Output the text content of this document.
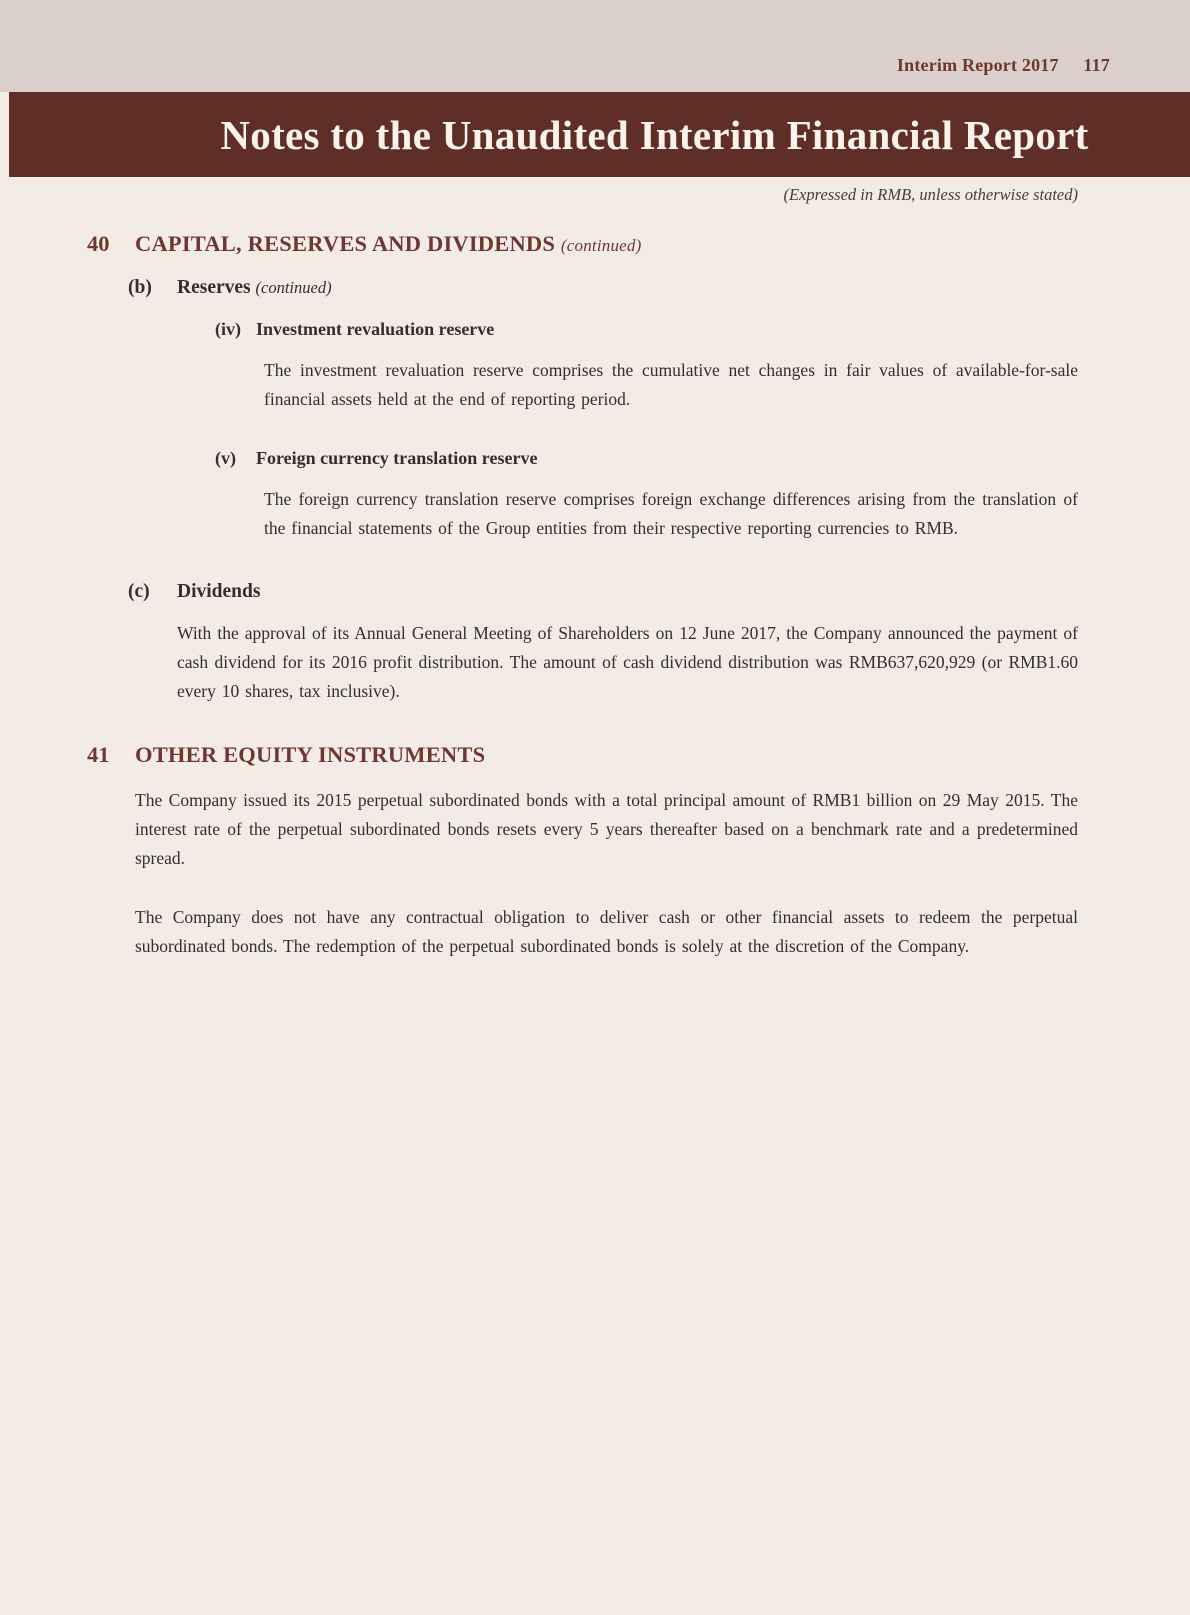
Interim Report 2017 117
Notes to the Unaudited Interim Financial Report
(Expressed in RMB, unless otherwise stated)
40	CAPITAL, RESERVES AND DIVIDENDS (continued)
(b)	Reserves (continued)
(iv) Investment revaluation reserve

The investment revaluation reserve comprises the cumulative net changes in fair values of available-for-sale financial assets held at the end of reporting period.

(v)	Foreign currency translation reserve

The foreign currency translation reserve comprises foreign exchange differences arising from the translation of the financial statements of the Group entities from their respective reporting currencies to RMB.

(c)	Dividends

With the approval of its Annual General Meeting of Shareholders on 12 June 2017, the Company announced the payment of cash dividend for its 2016 profit distribution. The amount of cash dividend distribution was RMB637,620,929 (or RMB1.60 every 10 shares, tax inclusive).

41	OTHER EQUITY INSTRUMENTS

The Company issued its 2015 perpetual subordinated bonds with a total principal amount of RMB1 billion on 29 May 2015. The interest rate of the perpetual subordinated bonds resets every 5 years thereafter based on a benchmark rate and a predetermined spread.

The Company does not have any contractual obligation to deliver cash or other financial assets to redeem the perpetual subordinated bonds. The redemption of the perpetual subordinated bonds is solely at the discretion of the Company.
